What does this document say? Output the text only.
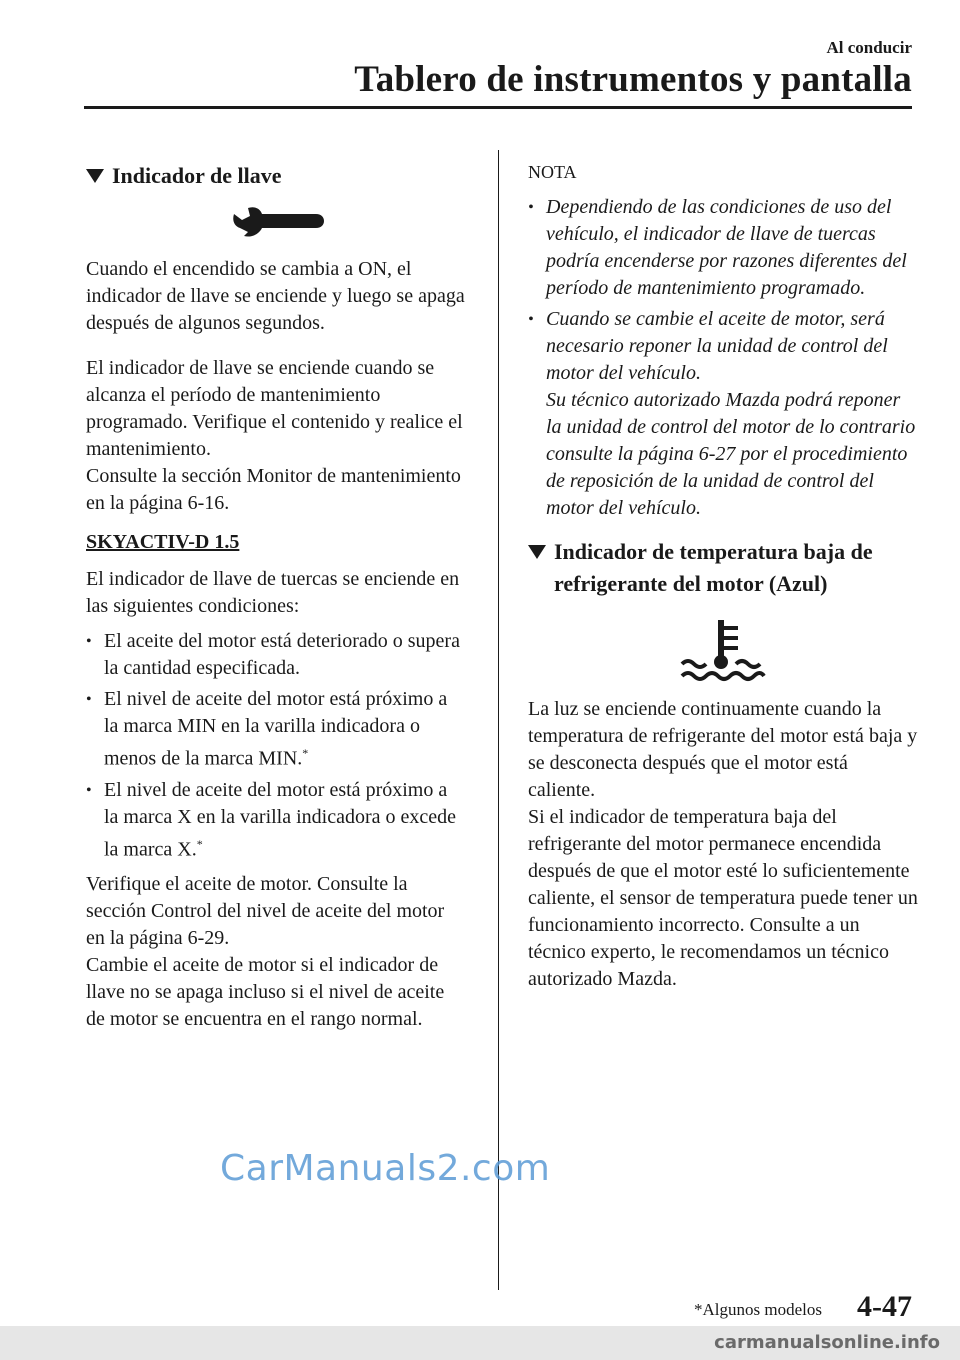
Al conducir
Tablero de instrumentos y pantalla
Indicador de llave

Cuando el encendido se cambia a ON, el indicador de llave se enciende y luego se apaga después de algunos segundos.

El indicador de llave se enciende cuando se alcanza el período de mantenimiento programado. Verifique el contenido y realice el mantenimiento.

Consulte la sección Monitor de mantenimiento en la página 6-16.

SKYACTIV-D 1.5

El indicador de llave de tuercas se enciende en las siguientes condiciones:

• El aceite del motor está deteriorado o supera la cantidad especificada.
• El nivel de aceite del motor está próximo a la marca MIN en la varilla indicadora o menos de la marca MIN.*
• El nivel de aceite del motor está próximo a la marca X en la varilla indicadora o excede la marca X.*

Verifique el aceite de motor. Consulte la sección Control del nivel de aceite del motor en la página 6-29.

Cambie el aceite de motor si el indicador de llave no se apaga incluso si el nivel de aceite de motor se encuentra en el rango normal.

NOTA
• Dependiendo de las condiciones de uso del vehículo, el indicador de llave de tuercas podría encenderse por razones diferentes del período de mantenimiento programado.
• Cuando se cambie el aceite de motor, será necesario reponer la unidad de control del motor del vehículo.
Su técnico autorizado Mazda podrá reponer la unidad de control del motor de lo contrario consulte la página 6-27 por el procedimiento de reposición de la unidad de control del motor del vehículo.
Indicador de temperatura baja de refrigerante del motor (Azul)

La luz se enciende continuamente cuando la temperatura de refrigerante del motor está baja y se desconecta después que el motor está caliente.

Si el indicador de temperatura baja del refrigerante del motor permanece encendida después de que el motor esté lo suficientemente caliente, el sensor de temperatura puede tener un funcionamiento incorrecto. Consulte a un técnico experto, le recomendamos un técnico autorizado Mazda.

CarManuals2.com
*Algunos modelos 4-47
carmanualsonline.info
